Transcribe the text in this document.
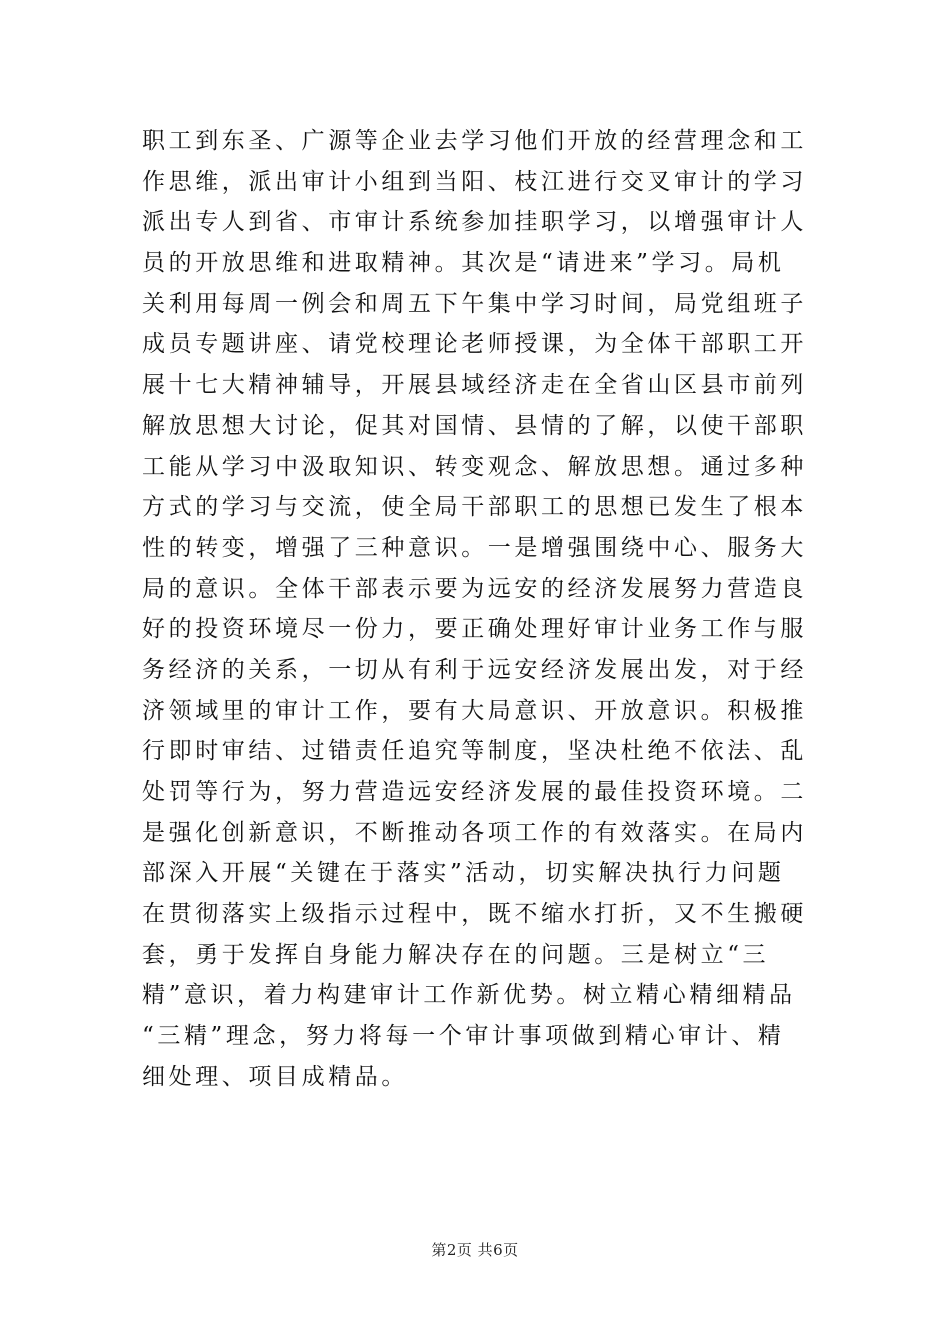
职工到东圣、广源等企业去学习他们开放的经营理念和工
作思维，派出审计小组到当阳、枝江进行交叉审计的学习
派出专人到省、市审计系统参加挂职学习，以增强审计人
员的开放思维和进取精神。其次是“请进来”学习。局机
关利用每周一例会和周五下午集中学习时间，局党组班子
成员专题讲座、请党校理论老师授课，为全体干部职工开
展十七大精神辅导，开展县域经济走在全省山区县市前列
解放思想大讨论，促其对国情、县情的了解，以使干部职
工能从学习中汲取知识、转变观念、解放思想。通过多种
方式的学习与交流，使全局干部职工的思想已发生了根本
性的转变，增强了三种意识。一是增强围绕中心、服务大
局的意识。全体干部表示要为远安的经济发展努力营造良
好的投资环境尽一份力，要正确处理好审计业务工作与服
务经济的关系，一切从有利于远安经济发展出发，对于经
济领域里的审计工作，要有大局意识、开放意识。积极推
行即时审结、过错责任追究等制度，坚决杜绝不依法、乱
处罚等行为，努力营造远安经济发展的最佳投资环境。二
是强化创新意识，不断推动各项工作的有效落实。在局内
部深入开展“关键在于落实”活动，切实解决执行力问题
在贯彻落实上级指示过程中，既不缩水打折，又不生搬硬
套，勇于发挥自身能力解决存在的问题。三是树立“三
精”意识，着力构建审计工作新优势。树立精心精细精品
“三精”理念，努力将每一个审计事项做到精心审计、精
细处理、项目成精品。
第2页 共6页
